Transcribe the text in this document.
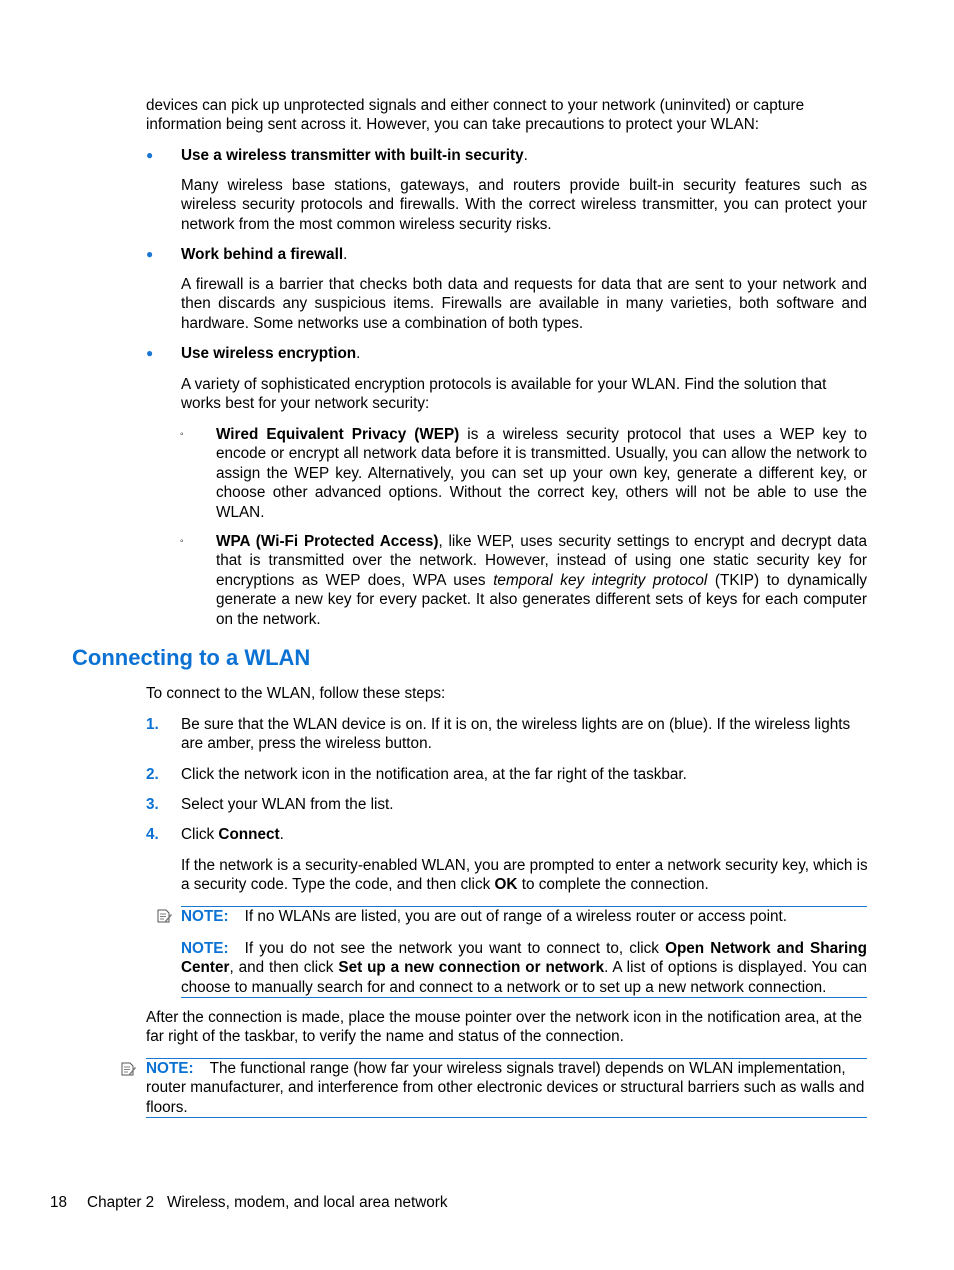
devices can pick up unprotected signals and either connect to your network (uninvited) or capture information being sent across it. However, you can take precautions to protect your WLAN:

● Use a wireless transmitter with built-in security.

Many wireless base stations, gateways, and routers provide built-in security features such as wireless security protocols and firewalls. With the correct wireless transmitter, you can protect your network from the most common wireless security risks.

● Work behind a firewall.

A firewall is a barrier that checks both data and requests for data that are sent to your network and then discards any suspicious items. Firewalls are available in many varieties, both software and hardware. Some networks use a combination of both types.

● Use wireless encryption.

A variety of sophisticated encryption protocols is available for your WLAN. Find the solution that works best for your network security:

◦ Wired Equivalent Privacy (WEP) is a wireless security protocol that uses a WEP key to encode or encrypt all network data before it is transmitted. Usually, you can allow the network to assign the WEP key. Alternatively, you can set up your own key, generate a different key, or choose other advanced options. Without the correct key, others will not be able to use the WLAN.

◦ WPA (Wi-Fi Protected Access), like WEP, uses security settings to encrypt and decrypt data that is transmitted over the network. However, instead of using one static security key for encryptions as WEP does, WPA uses temporal key integrity protocol (TKIP) to dynamically generate a new key for every packet. It also generates different sets of keys for each computer on the network.

Connecting to a WLAN
To connect to the WLAN, follow these steps:
1. Be sure that the WLAN device is on. If it is on, the wireless lights are on (blue). If the wireless lights are amber, press the wireless button.
2. Click the network icon in the notification area, at the far right of the taskbar.
3. Select your WLAN from the list.
4. Click Connect.

If the network is a security-enabled WLAN, you are prompted to enter a network security key, which is a security code. Type the code, and then click OK to complete the connection.

NOTE: If no WLANs are listed, you are out of range of a wireless router or access point.

NOTE: If you do not see the network you want to connect to, click Open Network and Sharing Center, and then click Set up a new connection or network. A list of options is displayed. You can choose to manually search for and connect to a network or to set up a new network connection.

After the connection is made, place the mouse pointer over the network icon in the notification area, at the far right of the taskbar, to verify the name and status of the connection.

NOTE: The functional range (how far your wireless signals travel) depends on WLAN implementation, router manufacturer, and interference from other electronic devices or structural barriers such as walls and floors.

18 Chapter 2   Wireless, modem, and local area network
